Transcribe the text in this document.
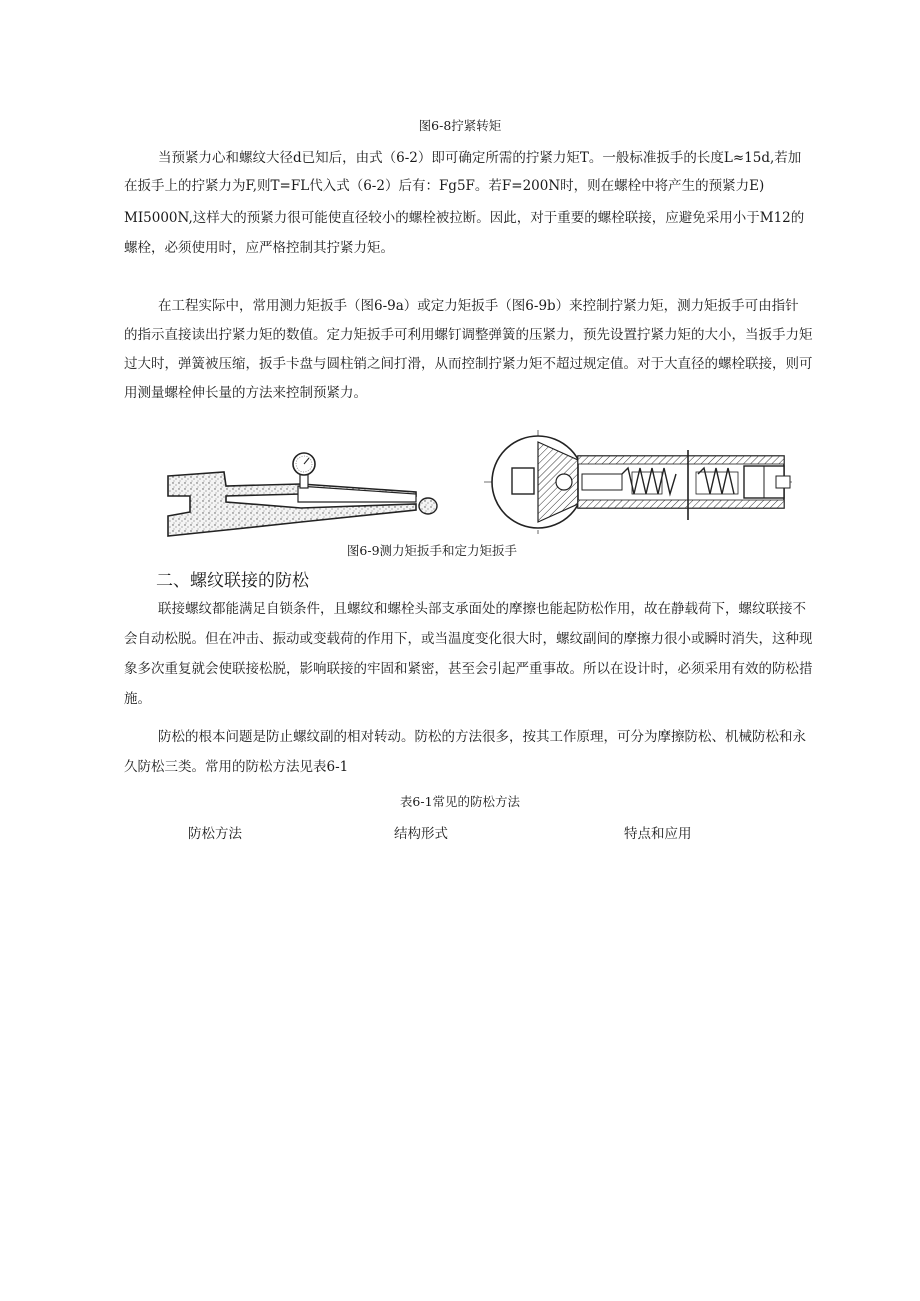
图6-8拧紧转矩
当预紧力心和螺纹大径d已知后，由式（6-2）即可确定所需的拧紧力矩T。一般标准扳手的长度L≈15d,若加
在扳手上的拧紧力为F,则T=FL代入式（6-2）后有：Fg5F。若F=200N时，则在螺栓中将产生的预紧力E)
MI5000N,这样大的预紧力很可能使直径较小的螺栓被拉断。因此，对于重要的螺栓联接，应避免采用小于M12的
螺栓，必须使用时，应严格控制其拧紧力矩。
在工程实际中，常用测力矩扳手（图6-9a）或定力矩扳手（图6-9b）来控制拧紧力矩，测力矩扳手可由指针
的指示直接读出拧紧力矩的数值。定力矩扳手可利用螺钉调整弹簧的压紧力，预先设置拧紧力矩的大小，当扳手力矩
过大时，弹簧被压缩，扳手卡盘与圆柱销之间打滑，从而控制拧紧力矩不超过规定值。对于大直径的螺栓联接，则可
用测量螺栓伸长量的方法来控制预紧力。
图6-9测力矩扳手和定力矩扳手
二、螺纹联接的防松
联接螺纹都能满足自锁条件，且螺纹和螺栓头部支承面处的摩擦也能起防松作用，故在静载荷下，螺纹联接不
会自动松脱。但在冲击、振动或变载荷的作用下，或当温度变化很大时，螺纹副间的摩擦力很小或瞬时消失，这种现
象多次重复就会使联接松脱，影响联接的牢固和紧密，甚至会引起严重事故。所以在设计时，必须采用有效的防松措
施。
防松的根本问题是防止螺纹副的相对转动。防松的方法很多，按其工作原理，可分为摩擦防松、机械防松和永
久防松三类。常用的防松方法见表6-1
表6-1常见的防松方法
防松方法	结构形式	特点和应用
